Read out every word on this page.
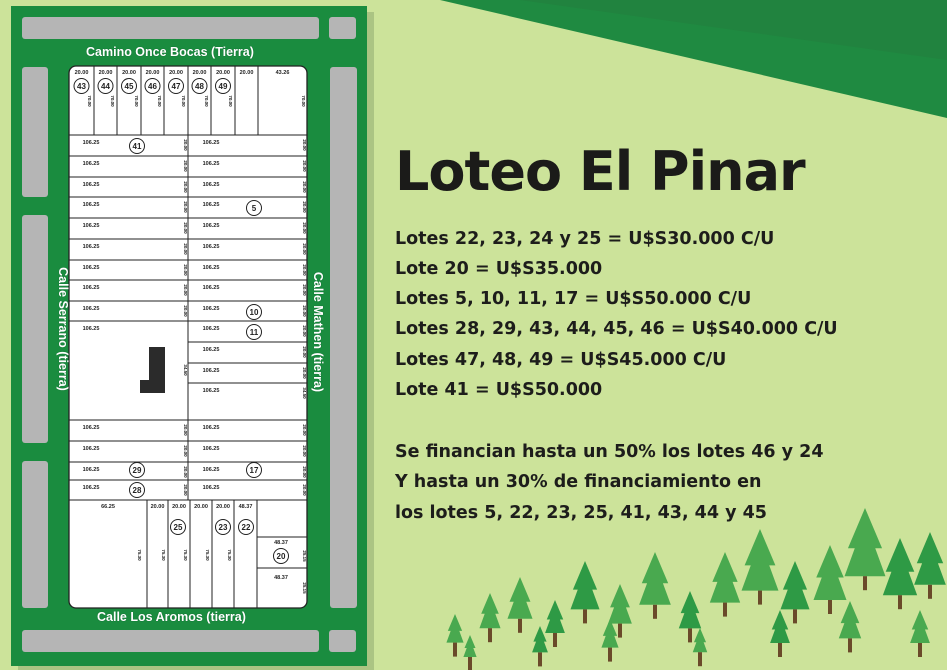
20.00 20.00 20.00 20.00 20.00 20.00 20.00 20.00	43.26
43
70.00
44
70.00
45
70.00
46
70.00
47
70.00
48
70.00
49
70.00	70.00
106.25	106.25
20.00	20.00
106.25	106.25
20.00	20.00
106.25	106.25
20.00	20.00
106.25	106.25
20.00	20.00
106.25	106.25
20.00	20.00
106.25	106.25
20.00	20.00
106.25	106.25
20.00	20.00
106.25	106.25
20.00	20.00
106.25	106.25
20.00	20.00
106.25	20.00
106.25	20.00
106.25	20.00
106.25	34.50
106.25	20.00
106.25	20.00
106.25	20.00
106.25	20.00
106.25
34.50
106.25	20.00
106.25	20.00
106.25	20.00
106.25	20.00
41
5
10
11
29	17
28
66.25	20.00 20.00 20.00 20.00 48.37
75.30	75.30	75.30	75.30
75.30
25	23 22
48.37
48.37
20	25.15
25.15
Camino Once Bocas (Tierra)
Calle Los Aromos (tierra)
Calle Serrano (tierra)	Calle Mathen (tierra)
Loteo El Pinar
Lotes 22, 23, 24 y 25 = U$S30.000 C/U
Lote 20 = U$S35.000
Lotes 5, 10, 11, 17 = U$S50.000 C/U
Lotes 28, 29, 43, 44, 45, 46 = U$S40.000 C/U
Lotes 47, 48, 49 = U$S45.000 C/U
Lote 41 = U$S50.000
Se financian hasta un 50% los lotes 46 y 24
Y hasta un 30% de financiamiento en
los lotes 5, 22, 23, 25, 41, 43, 44 y 45
